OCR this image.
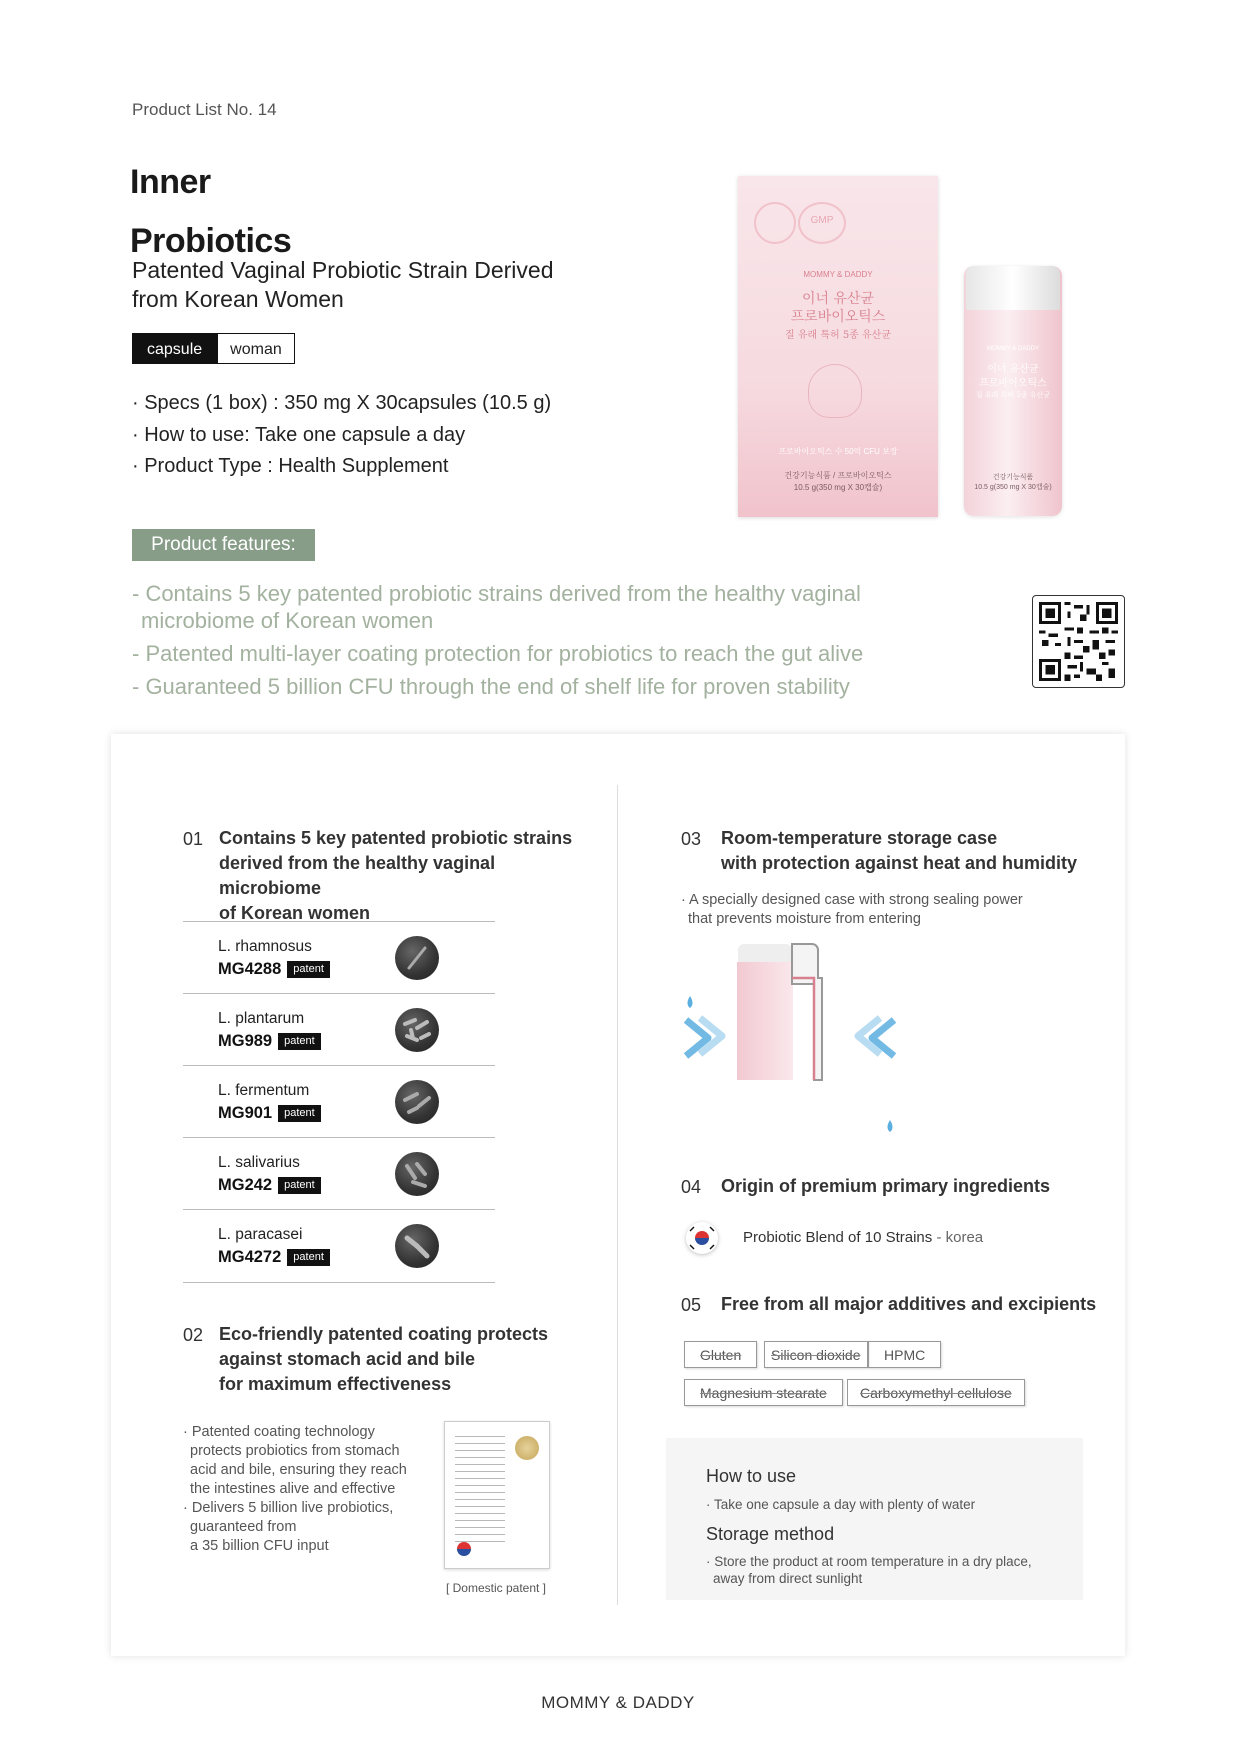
Product List No. 14
Inner
Probiotics
Patented Vaginal Probiotic Strain Derived
from Korean Women
capsule	woman
· Specs (1 box) : 350 mg X 30capsules (10.5 g)
· How to use: Take one capsule a day
· Product Type : Health Supplement
GMP
MOMMY & DADDY
이너 유산균
프로바이오틱스
질 유래 특허 5종 유산균
프로바이오틱스 수 50억 CFU 보장
건강기능식품 / 프로바이오틱스
10.5 g(350 mg X 30캡슐)
MOMMY & DADDY
이너 유산균
프로바이오틱스
질 유래 특허 5종 유산균
건강기능식품
10.5 g(350 mg X 30캡슐)
Product features:
- Contains 5 key patented probiotic strains derived from the healthy vaginal
microbiome of Korean women
- Patented multi-layer coating protection for probiotics to reach the gut alive
- Guaranteed 5 billion CFU through the end of shelf life for proven stability
01 Contains 5 key patented probiotic strains
derived from the healthy vaginal microbiome
of Korean women
L. rhamnosus
MG4288	patent
L. plantarum
MG989	patent
L. fermentum
MG901	patent
L. salivarius
MG242	patent
L. paracasei
MG4272	patent
02 Eco-friendly patented coating protects
against stomach acid and bile
for maximum effectiveness
· Patented coating technology
protects probiotics from stomach
acid and bile, ensuring they reach
the intestines alive and effective
· Delivers 5 billion live probiotics,
guaranteed from
a 35 billion CFU input
[ Domestic patent ]
03 Room-temperature storage case
with protection against heat and humidity
· A specially designed case with strong sealing power
that prevents moisture from entering
04 Origin of premium primary ingredients
Probiotic Blend of 10 Strains - korea
05 Free from all major additives and excipients
Gluten	Silicon dioxide	HPMC
Magnesium stearate	Carboxymethyl cellulose
How to use
· Take one capsule a day with plenty of water
Storage method
· Store the product at room temperature in a dry place,
away from direct sunlight
MOMMY & DADDY
